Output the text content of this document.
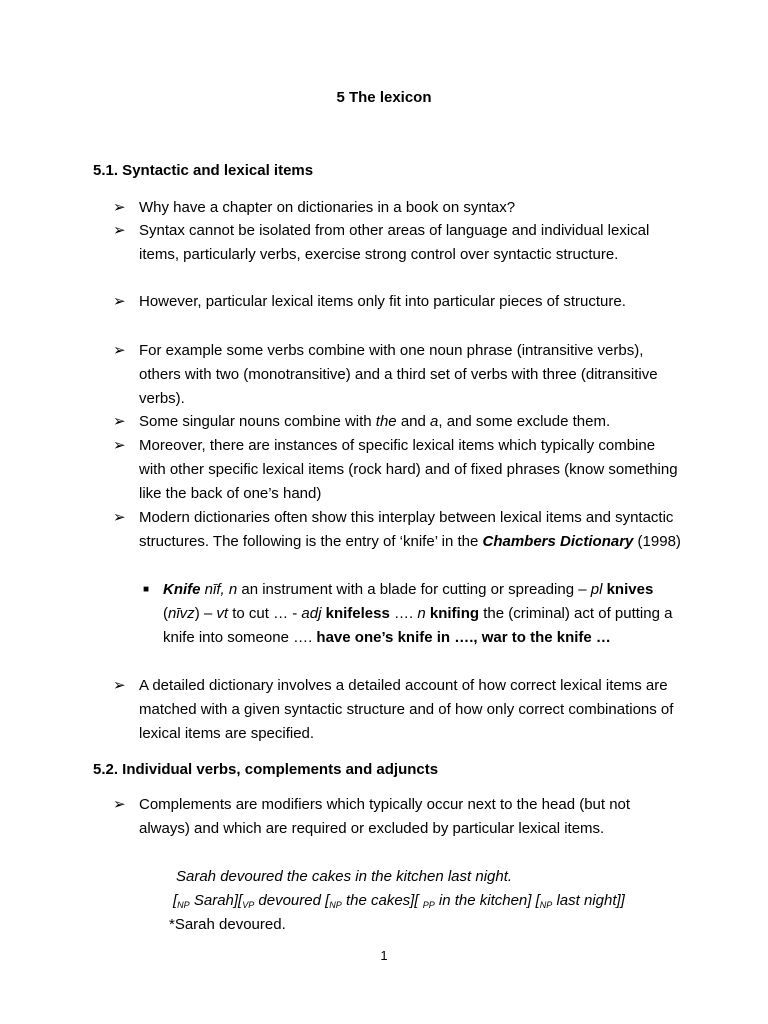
5 The lexicon
5.1. Syntactic and lexical items
➢ Why have a chapter on dictionaries in a book on syntax?
➢ Syntax cannot be isolated from other areas of language and individual lexical items, particularly verbs, exercise strong control over syntactic structure.
➢ However, particular lexical items only fit into particular pieces of structure.
➢ For example some verbs combine with one noun phrase (intransitive verbs), others with two (monotransitive) and a third set of verbs with three (ditransitive verbs).
➢ Some singular nouns combine with the and a, and some exclude them.
➢ Moreover, there are instances of specific lexical items which typically combine with other specific lexical items (rock hard) and of fixed phrases (know something like the back of one’s hand)
➢ Modern dictionaries often show this interplay between lexical items and syntactic structures. The following is the entry of ‘knife’ in the Chambers Dictionary (1998)
■ Knife nīf, n an instrument with a blade for cutting or spreading – pl knives (nīvz) – vt to cut … - adj knifeless …. n knifing the (criminal) act of putting a knife into someone …. have one’s knife in …., war to the knife …
➢ A detailed dictionary involves a detailed account of how correct lexical items are matched with a given syntactic structure and of how only correct combinations of lexical items are specified.
5.2. Individual verbs, complements and adjuncts
➢ Complements are modifiers which typically occur next to the head (but not always) and which are required or excluded by particular lexical items.
Sarah devoured the cakes in the kitchen last night.
[$_{NP}$ $Sarah][_{VP}$ devoured [$_{NP}$ the cakes][ $_{PP}$ in the kitchen] [$_{NP}$ last night]]
*Sarah devoured.
1
